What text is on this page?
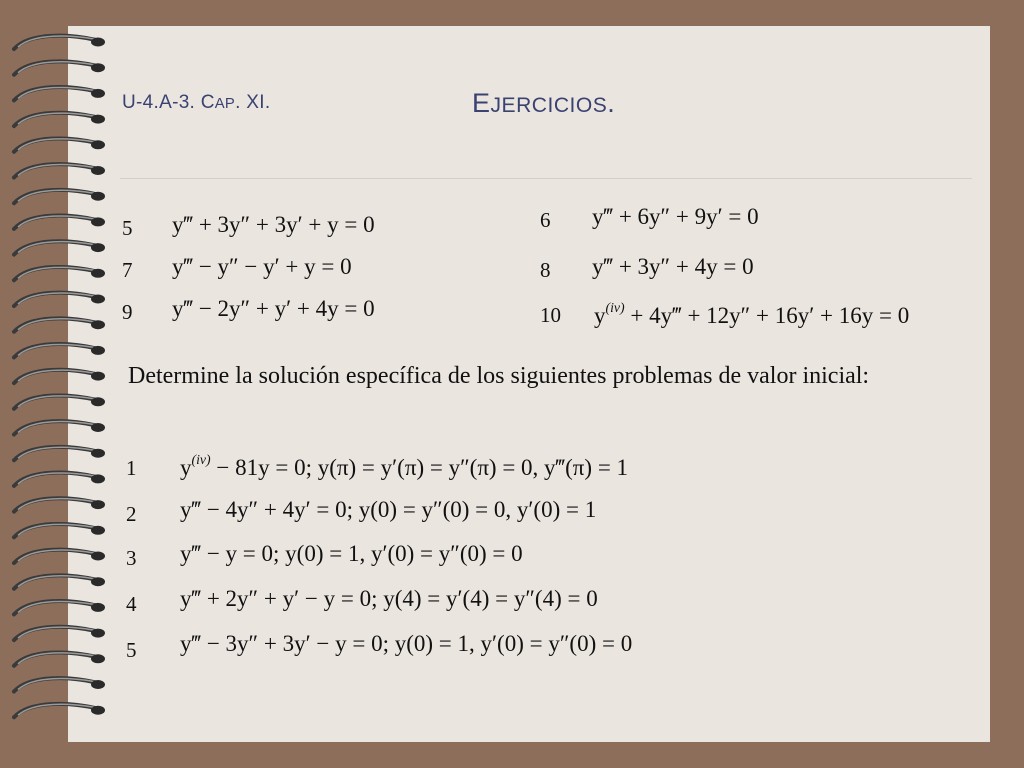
U-4.A-3. CAP. XI.	EJERCICIOS.
5 y‴ + 3y″ + 3y′ + y = 0	6 y‴ + 6y″ + 9y′ = 0
7 y‴ − y″ − y′ + y = 0	8 y‴ + 3y″ + 4y = 0
9 y‴ − 2y″ + y′ + 4y = 0	10 $y^{(iv)}$ + 4y‴ + 12y″ + 16y′ + 16y = 0
Determine la solución específica de los siguientes problemas de valor inicial:
1 $y^{(iv)} - 81y = 0$; y(π) = y′(π) = y″(π) = 0, y‴(π) = 1
2 y‴ − 4y″ + 4y′ = 0; y(0) = y″(0) = 0, y′(0) = 1
3 y‴ − y = 0; y(0) = 1, y′(0) = y″(0) = 0
4 y‴ + 2y″ + y′ − y = 0; y(4) = y′(4) = y″(4) = 0
5 y‴ − 3y″ + 3y′ − y = 0; y(0) = 1, y′(0) = y″(0) = 0
